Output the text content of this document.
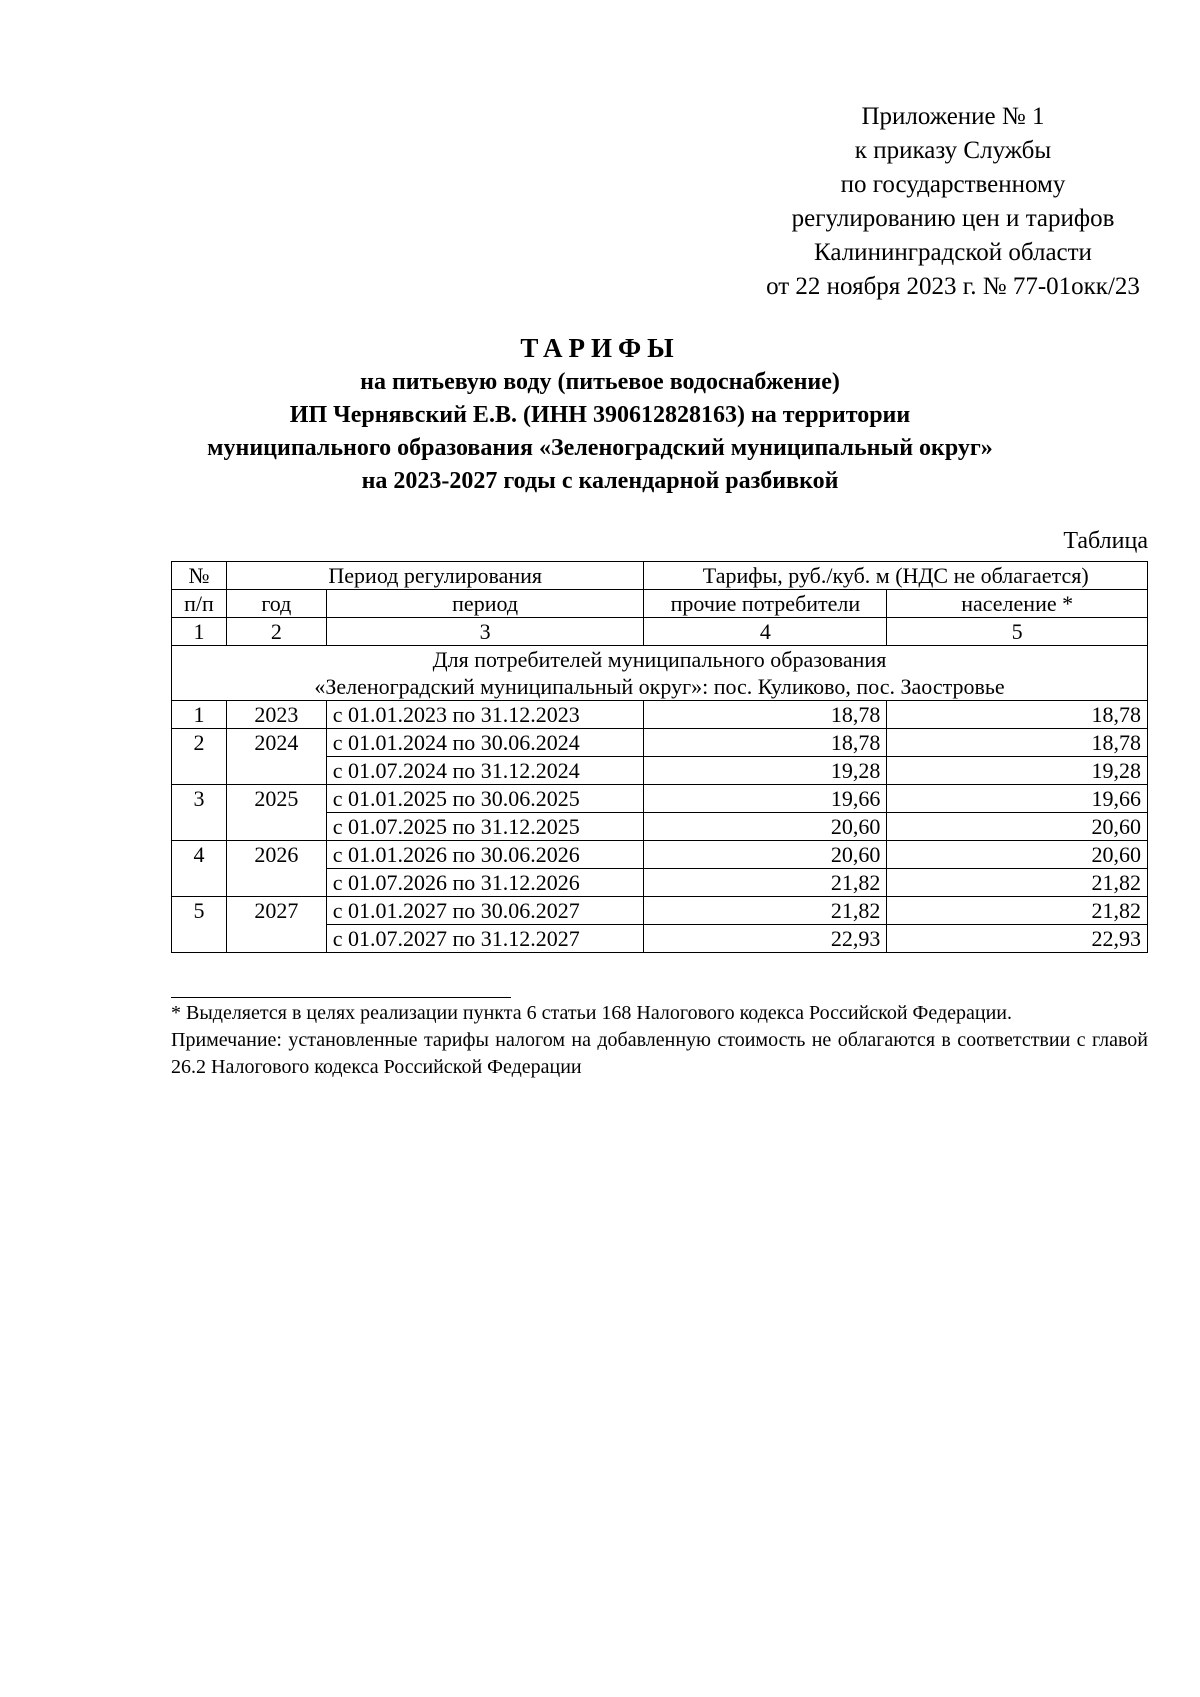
Приложение № 1
к приказу Службы
по государственному
регулированию цен и тарифов
Калининградской области
от 22 ноября 2023 г. № 77-01окк/23
ТАРИФЫ
на питьевую воду (питьевое водоснабжение)
ИП Чернявский Е.В. (ИНН 390612828163) на территории
муниципального образования «Зеленоградский муниципальный округ»
на 2023-2027 годы с календарной разбивкой
Таблица
№	Период регулирования		Тарифы, руб./куб. м (НДС не облагается)	
п/п	год	период	прочие потребители	население *
1	2	3	4	5

Для потребителей муниципального образования
«Зеленоградский муниципальный округ»: пос. Куликово, пос. Заостровье				

1	2023	с 01.01.2023 по 31.12.2023	18,78	18,78
2	2024	с 01.01.2024 по 30.06.2024	18,78	18,78
		с 01.07.2024 по 31.12.2024	19,28	19,28
3	2025	с 01.01.2025 по 30.06.2025	19,66	19,66
		с 01.07.2025 по 31.12.2025	20,60	20,60
4	2026	с 01.01.2026 по 30.06.2026	20,60	20,60
		с 01.07.2026 по 31.12.2026	21,82	21,82
5	2027	с 01.01.2027 по 30.06.2027	21,82	21,82
		с 01.07.2027 по 31.12.2027	22,93	22,93
* Выделяется в целях реализации пункта 6 статьи 168 Налогового кодекса Российской Федерации.
Примечание: установленные тарифы налогом на добавленную стоимость не облагаются в соответствии с главой 26.2 Налогового кодекса Российской Федерации
